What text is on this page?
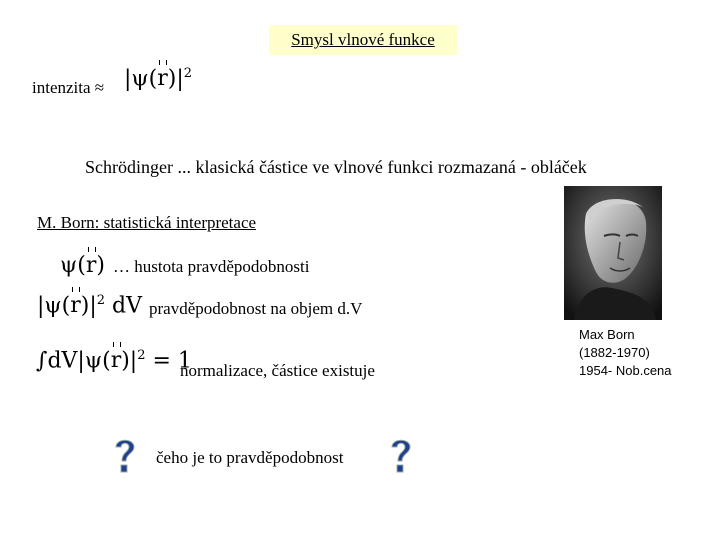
Smysl vlnové funkce
intenzita ≈ $|\psi(r)|^2$
Schrödinger ... klasická částice ve vlnové funkci rozmazaná - obláček
M. Born: statistická interpretace
ψ(r) … hustota pravděpodobnosti
$|\psi(r)|^2$ dV pravděpodobnost na objem d.V
$\int dV|\psi(r)|^2 = 1$
normalizace, částice existuje
čeho je to pravděpodobnost
Max Born
(1882-1970)
1954- Nob.cena
